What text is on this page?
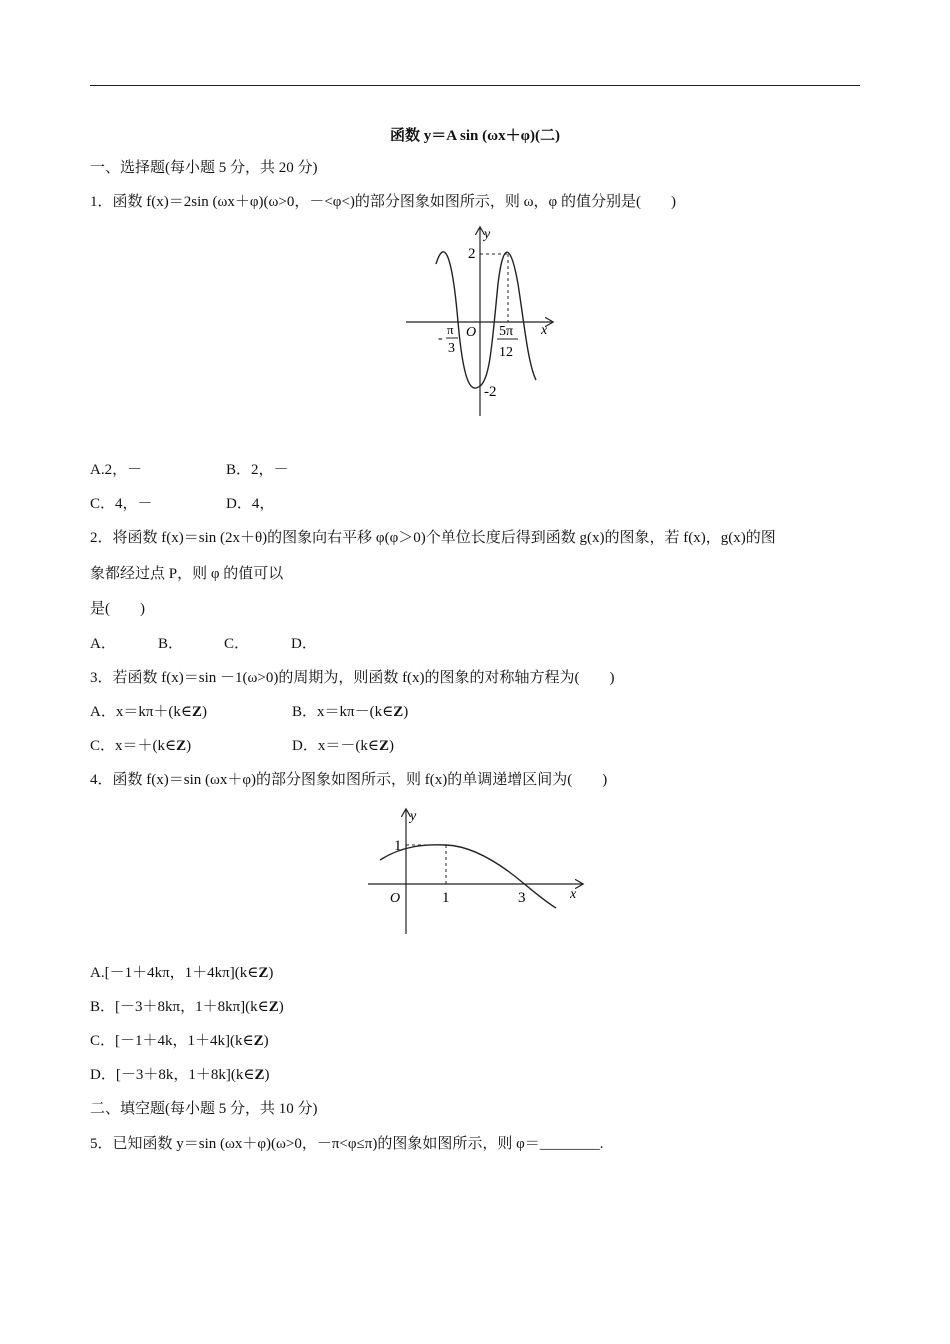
函数 y＝A sin (ωx＋φ)(二)
一、选择题(每小题 5 分，共 20 分)
1．函数 f(x)＝2sin (ωx＋φ)(ω>0，－<φ<)的部分图象如图所示，则 ω，φ 的值分别是(　　)
y
x
2
-2
O
-
π
3
5π
12
A.2，－	B．2，－
C．4，－	D．4，
2．将函数 f(x)＝sin (2x＋θ)的图象向右平移 φ(φ＞0)个单位长度后得到函数 g(x)的图象，若 f(x)，g(x)的图
象都经过点 P，则 φ 的值可以
是(　　)
A．	B．	C．	D．
3．若函数 f(x)＝sin －1(ω>0)的周期为，则函数 f(x)的图象的对称轴方程为(　　)
A．x＝kπ＋(k∈Z)	B．x＝kπ－(k∈Z)
C．x＝＋(k∈Z)	D．x＝－(k∈Z)
4．函数 f(x)＝sin (ωx＋φ)的部分图象如图所示，则 f(x)的单调递增区间为(　　)
y
x
1
O	1	3
A.[－1＋4kπ，1＋4kπ](k∈Z)
B．[－3＋8kπ，1＋8kπ](k∈Z)
C．[－1＋4k，1＋4k](k∈Z)
D．[－3＋8k，1＋8k](k∈Z)
二、填空题(每小题 5 分，共 10 分)
5．已知函数 y＝sin (ωx＋φ)(ω>0，－π<φ≤π)的图象如图所示，则 φ＝________.
